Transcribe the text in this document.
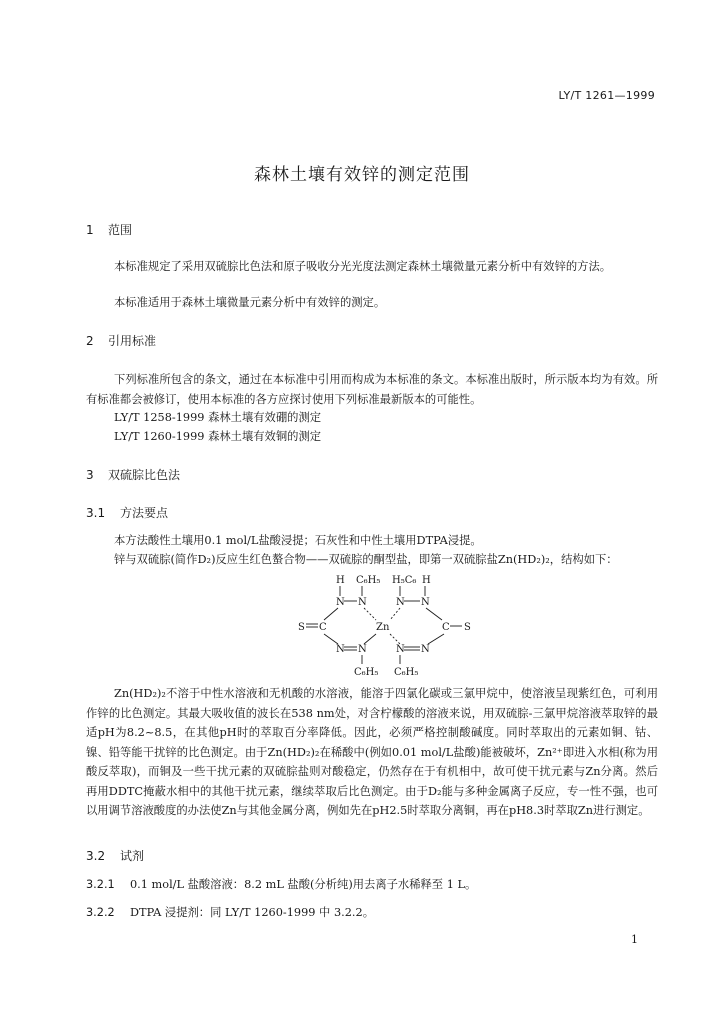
LY/T 1261—1999
森林土壤有效锌的测定范围
1 范围
本标准规定了采用双硫腙比色法和原子吸收分光光度法测定森林土壤微量元素分析中有效锌的方法。
本标准适用于森林土壤微量元素分析中有效锌的测定。
2 引用标准
下列标准所包含的条文，通过在本标准中引用而构成为本标准的条文。本标准出版时，所示版本均为有效。所有标准都会被修订，使用本标准的各方应探讨使用下列标准最新版本的可能性。
LY/T 1258-1999 森林土壤有效硼的测定
LY/T 1260-1999 森林土壤有效铜的测定
3 双硫腙比色法
3.1 方法要点
本方法酸性土壤用0.1 mol/L盐酸浸提；石灰性和中性土壤用DTPA浸提。
锌与双硫腙(简作D₂)反应生红色螯合物——双硫腙的酮型盐，即第一双硫腙盐Zn(HD₂)₂，结构如下：
H C₆H₅ H₅C₆ H
N N	N N
S C	Zn	C S
N N	N N
C₆H₅ C₆H₅
Zn(HD₂)₂不溶于中性水溶液和无机酸的水溶液，能溶于四氯化碳或三氯甲烷中，使溶液呈现紫红色，可利用作锌的比色测定。其最大吸收值的波长在538 nm处，对含柠檬酸的溶液来说，用双硫腙-三氯甲烷溶液萃取锌的最适pH为8.2~8.5，在其他pH时的萃取百分率降低。因此，必须严格控制酸碱度。同时萃取出的元素如铜、钴、镍、铅等能干扰锌的比色测定。由于Zn(HD₂)₂在稀酸中(例如0.01 mol/L盐酸)能被破坏，Zn²⁺即进入水相(称为用酸反萃取)，而铜及一些干扰元素的双硫腙盐则对酸稳定，仍然存在于有机相中，故可使干扰元素与Zn分离。然后再用DDTC掩蔽水相中的其他干扰元素，继续萃取后比色测定。由于D₂能与多种金属离子反应，专一性不强，也可以用调节溶液酸度的办法使Zn与其他金属分离，例如先在pH2.5时萃取分离铜，再在pH8.3时萃取Zn进行测定。
3.2 试剂
3.2.1 0.1 mol/L 盐酸溶液：8.2 mL 盐酸(分析纯)用去离子水稀释至 1 L。
3.2.2 DTPA 浸提剂：同 LY/T 1260-1999 中 3.2.2。
1
